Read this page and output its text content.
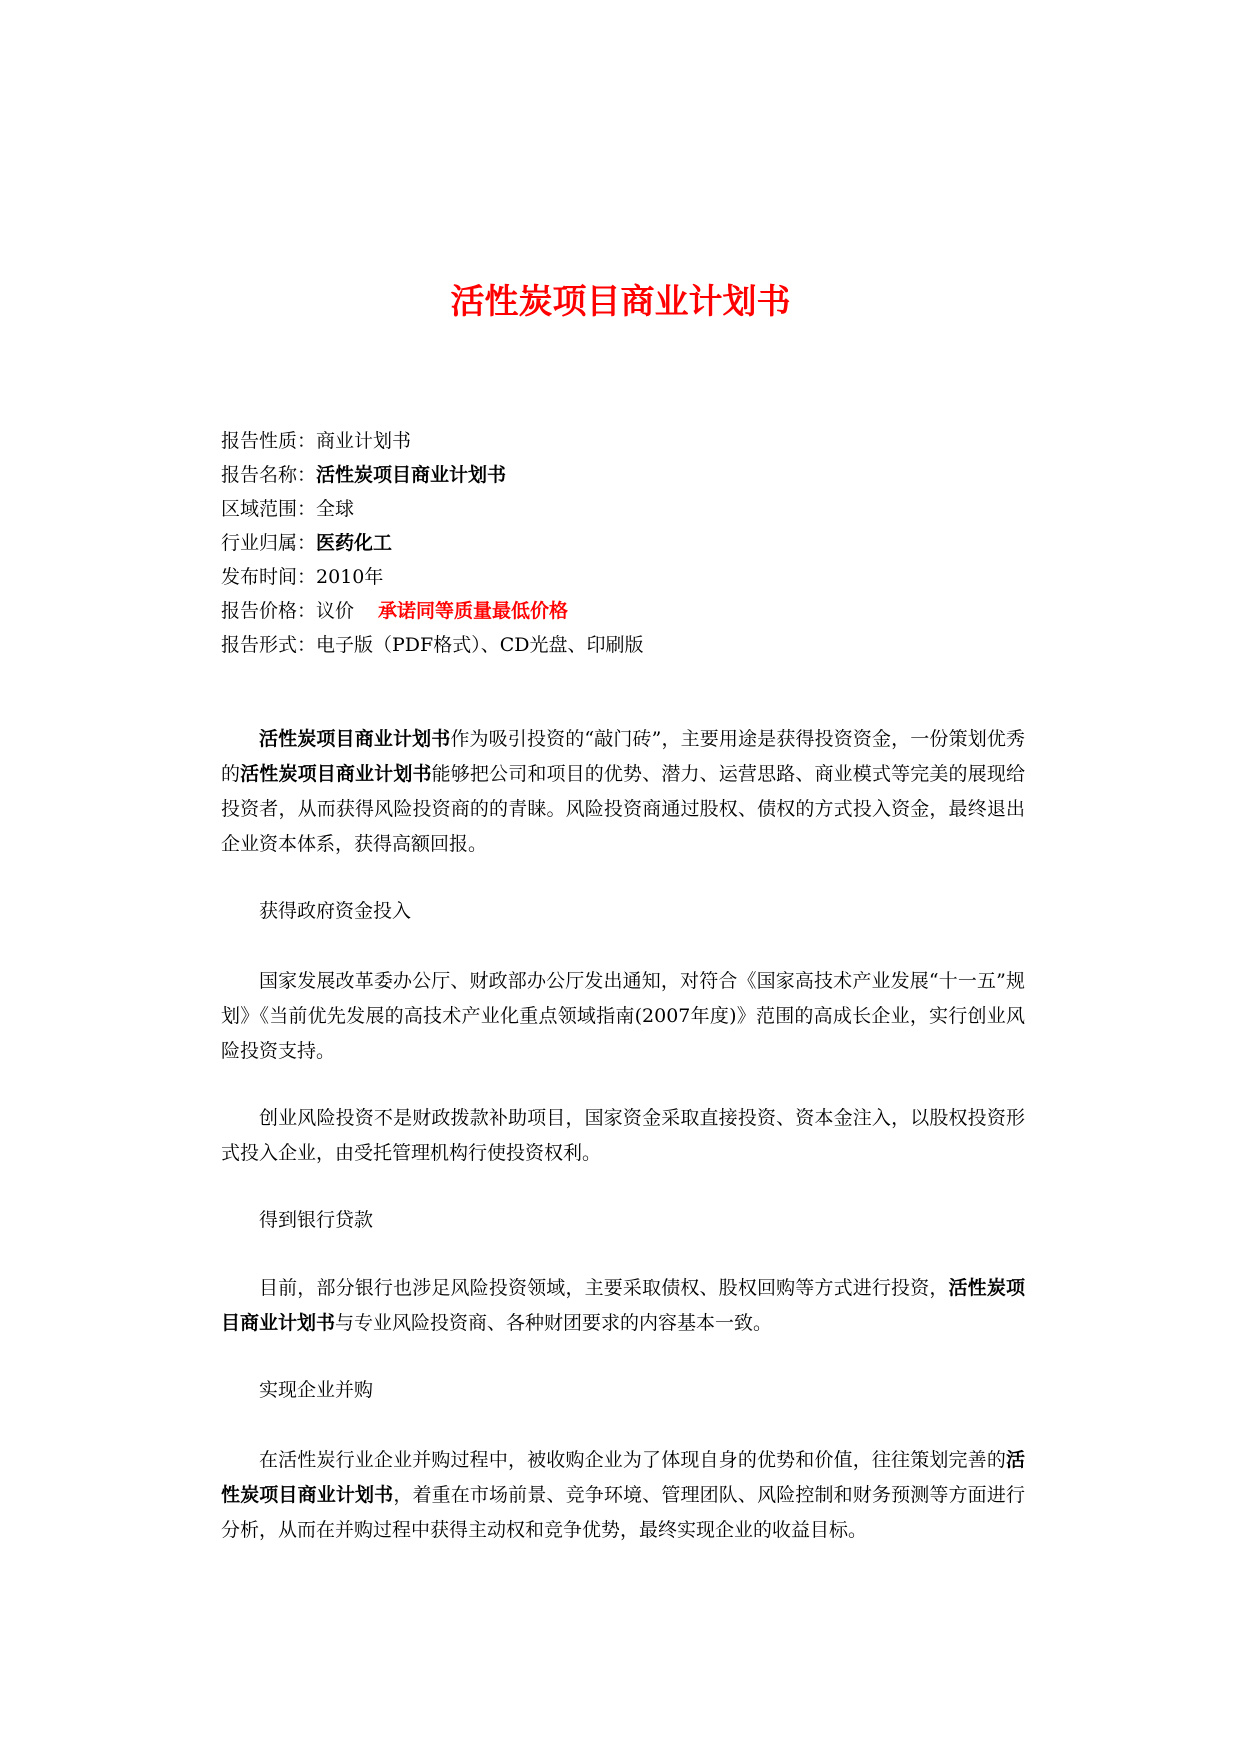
活性炭项目商业计划书
报告性质：商业计划书
报告名称：活性炭项目商业计划书
区域范围：全球
行业归属：医药化工
发布时间：2010年
报告价格：议价 承诺同等质量最低价格
报告形式：电子版（PDF格式）、CD光盘、印刷版

活性炭项目商业计划书作为吸引投资的“敲门砖”，主要用途是获得投资资金，一份策划优秀的活性炭项目商业计划书能够把公司和项目的优势、潜力、运营思路、商业模式等完美的展现给投资者，从而获得风险投资商的的青睐。风险投资商通过股权、债权的方式投入资金，最终退出企业资本体系，获得高额回报。

获得政府资金投入

国家发展改革委办公厅、财政部办公厅发出通知，对符合《国家高技术产业发展“十一五”规划》《当前优先发展的高技术产业化重点领域指南(2007年度)》范围的高成长企业，实行创业风险投资支持。

创业风险投资不是财政拨款补助项目，国家资金采取直接投资、资本金注入，以股权投资形式投入企业，由受托管理机构行使投资权利。

得到银行贷款

目前，部分银行也涉足风险投资领域，主要采取债权、股权回购等方式进行投资，活性炭项目商业计划书与专业风险投资商、各种财团要求的内容基本一致。

实现企业并购

在活性炭行业企业并购过程中，被收购企业为了体现自身的优势和价值，往往策划完善的活性炭项目商业计划书，着重在市场前景、竞争环境、管理团队、风险控制和财务预测等方面进行分析，从而在并购过程中获得主动权和竞争优势，最终实现企业的收益目标。
